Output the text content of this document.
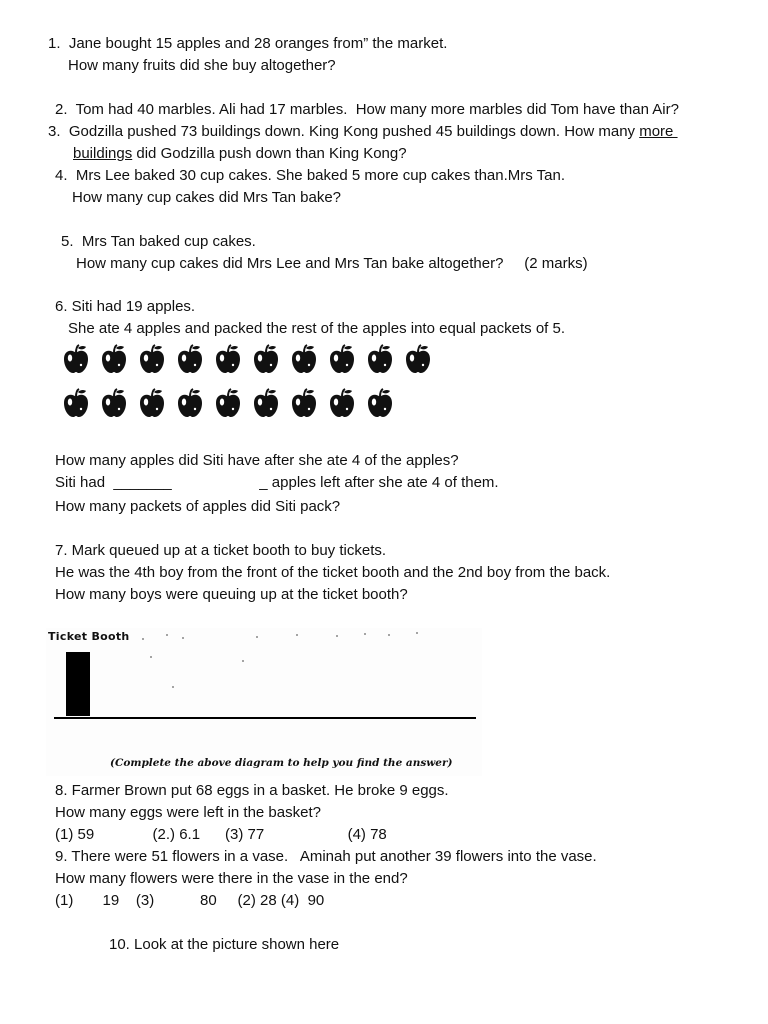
1.  Jane bought 15 apples and 28 oranges from” the market.
How many fruits did she buy altogether?
2.  Tom had 40 marbles. Ali had 17 marbles.  How many more marbles did Tom have than Air?
3.  Godzilla pushed 73 buildings down. King Kong pushed 45 buildings down. How many more
buildings did Godzilla push down than King Kong?
4.  Mrs Lee baked 30 cup cakes. She baked 5 more cup cakes than.Mrs Tan.
How many cup cakes did Mrs Tan bake?
5.  Mrs Tan baked cup cakes.
How many cup cakes did Mrs Lee and Mrs Tan bake altogether?     (2 marks)
6. Siti had 19 apples.
She ate 4 apples and packed the rest of the apples into equal packets of 5.
How many apples did Siti have after she ate 4 of the apples?
Siti had  _______                     _ apples left after she ate 4 of them.
How many packets of apples did Siti pack?
7. Mark queued up at a ticket booth to buy tickets.
He was the 4th boy from the front of the ticket booth and the 2nd boy from the back.
How many boys were queuing up at the ticket booth?
Ticket Booth
(Complete the above diagram to help you find the answer)
8. Farmer Brown put 68 eggs in a basket. He broke 9 eggs.
How many eggs were left in the basket?
(1) 59              (2.) 6.1      (3) 77                    (4) 78
9. There were 51 flowers in a vase.   Aminah put another 39 flowers into the vase.
How many flowers were there in the vase in the end?
(1)       19    (3)           80     (2) 28 (4)  90
10. Look at the picture shown here
